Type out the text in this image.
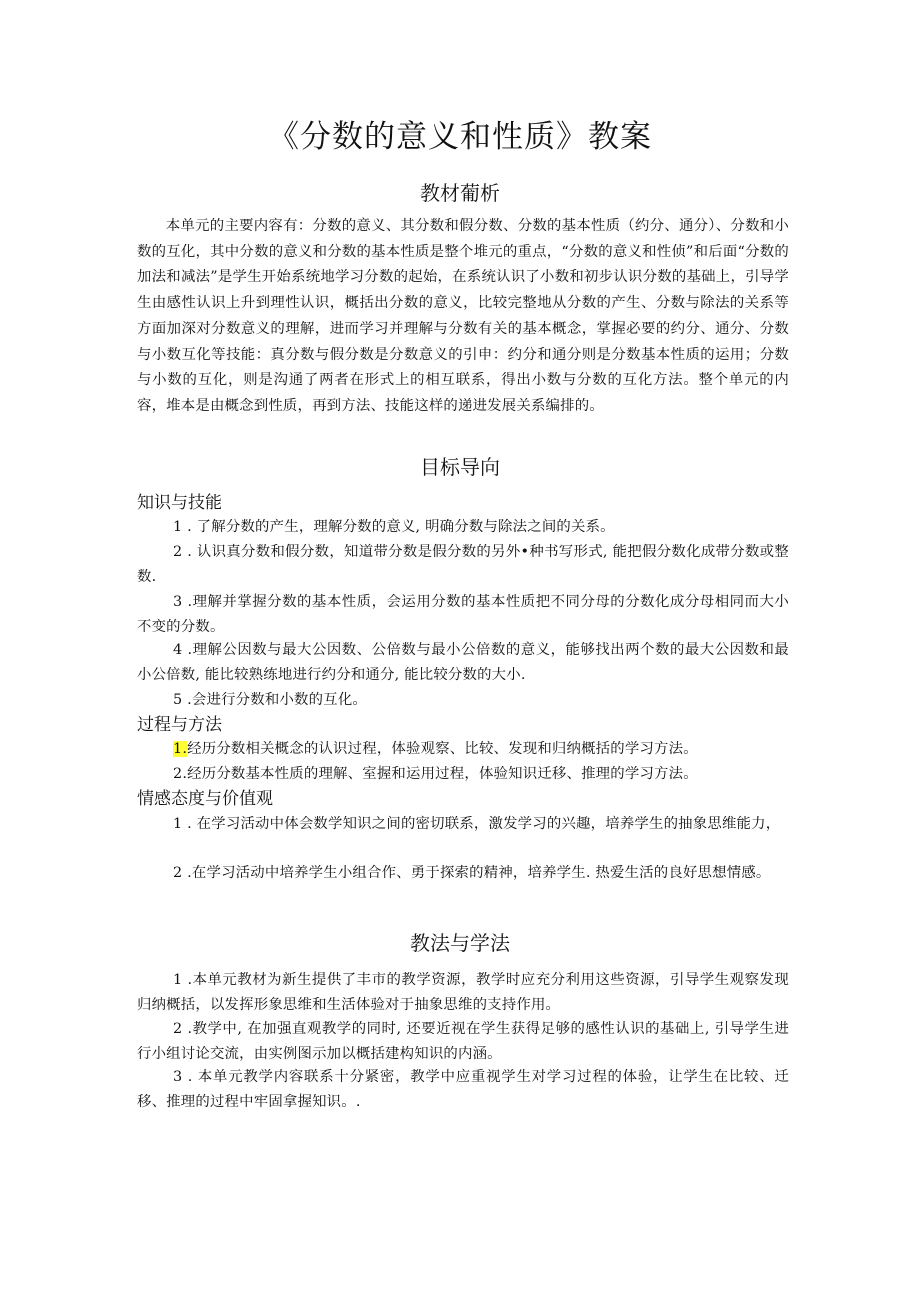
《分数的意义和性质》教案
教材葡析

本单元的主要内容有：分数的意义、其分数和假分数、分数的基本性质（约分、通分）、分数和小数的互化，其中分数的意义和分数的基本性质是整个堆元的重点，“分数的意义和性侦”和后面“分数的加法和减法”是学生开始系统地学习分数的起始，在系统认识了小数和初步认识分数的基础上，引导学生由感性认识上升到理性认识，概括出分数的意义，比较完整地从分数的产生、分数与除法的关系等方面加深对分数意义的理解，进而学习并理解与分数有关的基本概念，掌握必要的约分、通分、分数与小数互化等技能：真分数与假分数是分数意义的引申：约分和通分则是分数基本性质的运用；分数与小数的互化，则是沟通了两者在形式上的相互联系，得出小数与分数的互化方法。整个单元的内容，堆本是由概念到性质，再到方法、技能这样的递进发展关系编排的。

目标导向
知识与技能

1 . 了解分数的产生，理解分数的意义, 明确分数与除法之间的关系。

2 . 认识真分数和假分数，知道带分数是假分数的另外•种书写形式, 能把假分数化成带分数或整数.

3 .理解并掌握分数的基本性质，会运用分数的基本性质把不同分母的分数化成分母相同而大小不变的分数。

4 .理解公因数与最大公因数、公倍数与最小公倍数的意义，能够找出两个数的最大公因数和最小公倍数, 能比较熟练地进行约分和通分, 能比较分数的大小.

5 .会进行分数和小数的互化。

过程与方法

1.经历分数相关概念的认识过程，体验观察、比较、发现和归纳概括的学习方法。

2.经历分数基本性质的理解、室握和运用过程，体验知识迁移、推理的学习方法。

情感态度与价值观

1 . 在学习活动中体会数学知识之间的密切联系，激发学习的兴趣，培养学生的抽象思维能力，

2 .在学习活动中培养学生小组合作、勇于探索的精神，培养学生. 热爱生活的良好思想情感。

教法与学法

1 .本单元教材为新生提供了丰市的教学资源，教学时应充分利用这些资源，引导学生观察发现归纳概括，以发挥形象思维和生活体验对于抽象思维的支持作用。

2 .教学中, 在加强直观教学的同时, 还要近视在学生获得足够的感性认识的基础上, 引导学生进行小组讨论交流，由实例图示加以概括建构知识的内涵。

3 . 本单元教学内容联系十分紧密，教学中应重视学生对学习过程的体验，让学生在比较、迁移、推理的过程中牢固拿握知识。.
